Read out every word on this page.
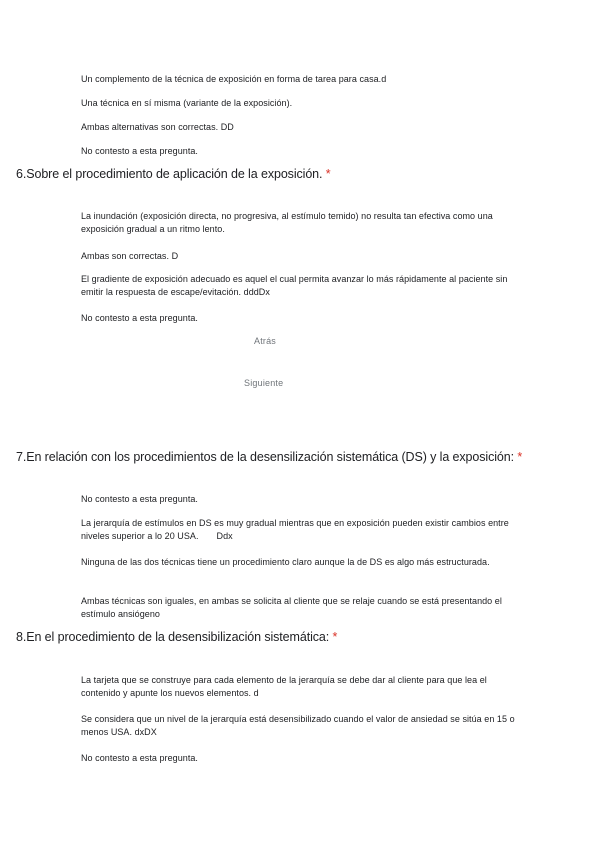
Un complemento de la técnica de exposición en forma de tarea para casa.d
Una técnica en sí misma (variante de la exposición).
Ambas alternativas son correctas. DD
No contesto a esta pregunta.
6.Sobre el procedimiento de aplicación de la exposición. *
La inundación (exposición directa, no progresiva, al estímulo temido) no resulta tan efectiva como una exposición gradual a un ritmo lento.
Ambas son correctas. D
El gradiente de exposición adecuado es aquel el cual permita avanzar lo más rápidamente al paciente sin emitir la respuesta de escape/evitación. dddDx
No contesto a esta pregunta.
Atrás
Siguiente
7.En relación con los procedimientos de la desensilización sistemática (DS) y la exposición: *
No contesto a esta pregunta.
La jerarquía de estímulos en DS es muy gradual mientras que en exposición pueden existir cambios entre niveles superior a lo 20 USA. Ddx
Ninguna de las dos técnicas tiene un procedimiento claro aunque la de DS es algo más estructurada.
Ambas técnicas son iguales, en ambas se solicita al cliente que se relaje cuando se está presentando el estímulo ansiógeno
8.En el procedimiento de la desensibilización sistemática: *
La tarjeta que se construye para cada elemento de la jerarquía se debe dar al cliente para que lea el contenido y apunte los nuevos elementos. d
Se considera que un nivel de la jerarquía está desensibilizado cuando el valor de ansiedad se sitúa en 15 o menos USA. dxDX
No contesto a esta pregunta.
